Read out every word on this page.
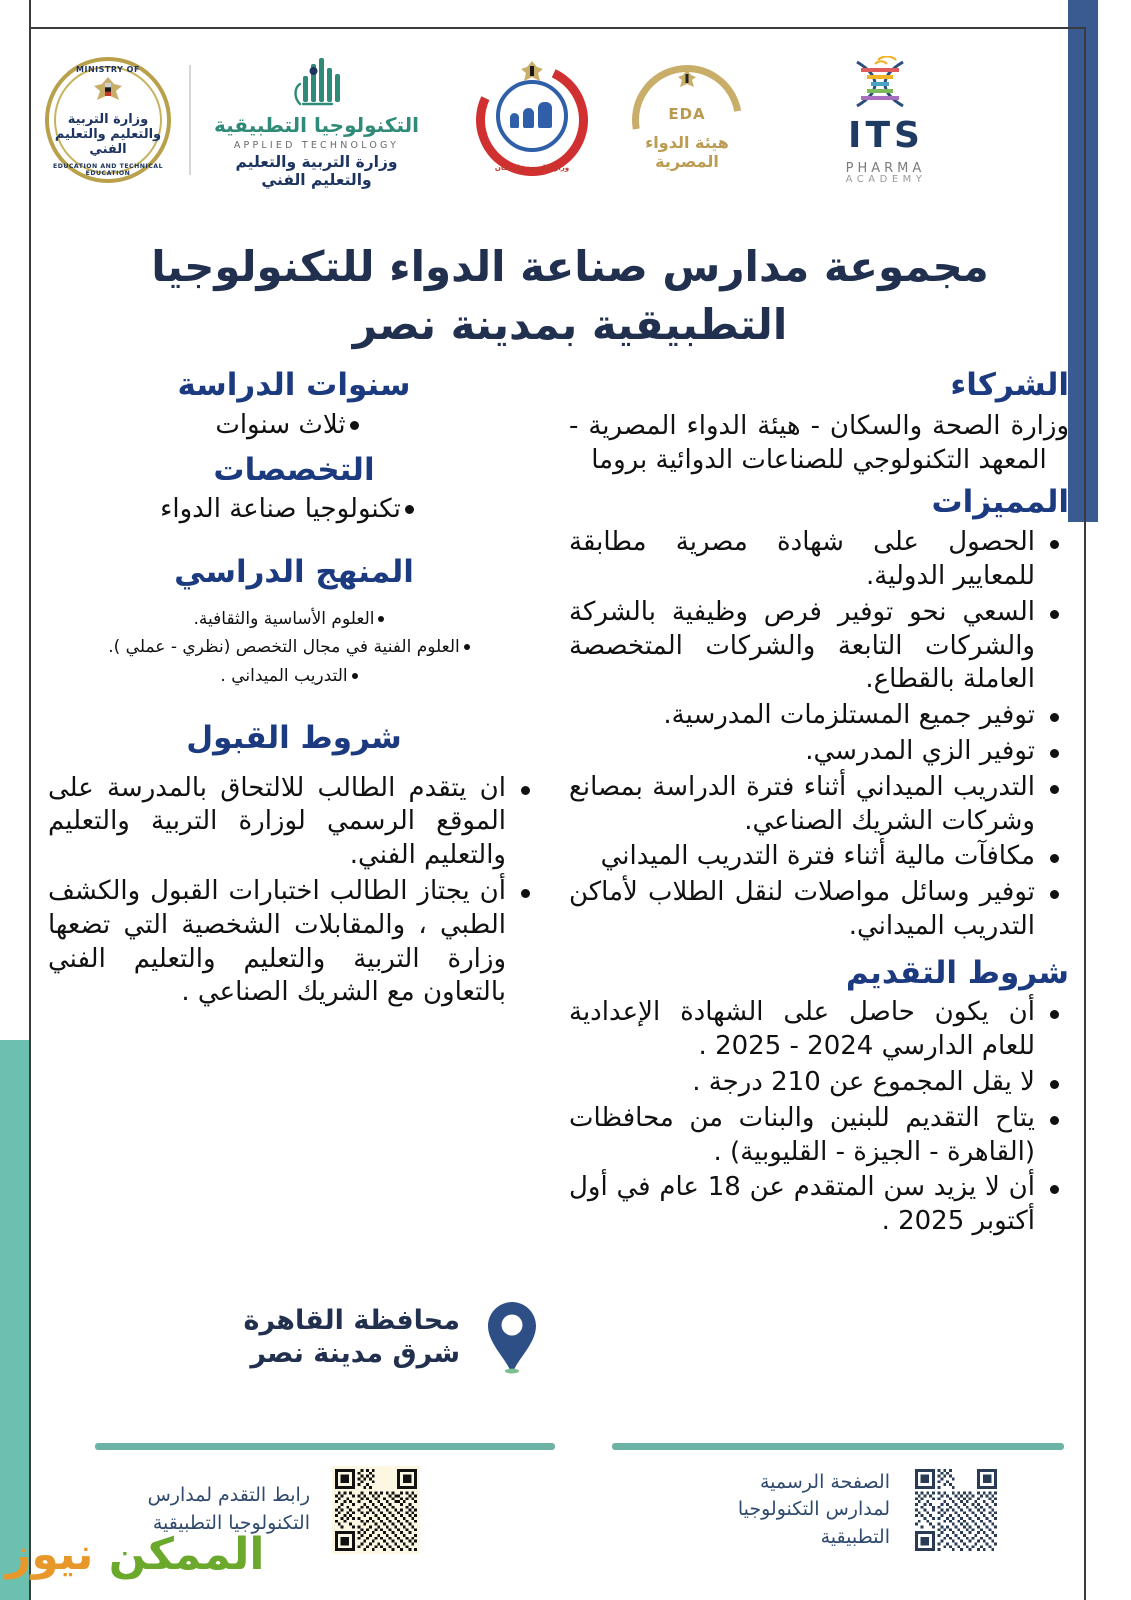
MINISTRY OF
وزارة التربية والتعليم والتعليم الفني
EDUCATION AND TECHNICAL EDUCATION
التكنولوجيا التطبيقية
APPLIED TECHNOLOGY
وزارة التربية والتعليم والتعليم الفني
وزارة الصحة والسكان
EDA
هيئة الدواء المصرية
ITS
PHARMA
ACADEMY
مجموعة مدارس صناعة الدواء للتكنولوجيا التطبيقية بمدينة نصر
الشركاء

وزارة الصحة والسكان - هيئة الدواء المصرية - المعهد التكنولوجي للصناعات الدوائية بروما

المميزات
الحصول على شهادة مصرية مطابقة للمعايير الدولية.
السعي نحو توفير فرص وظيفية بالشركة والشركات التابعة والشركات المتخصصة العاملة بالقطاع.
توفير جميع المستلزمات المدرسية.
توفير الزي المدرسي.
التدريب الميداني أثناء فترة الدراسة بمصانع وشركات الشريك الصناعي.
مكافآت مالية أثناء فترة التدريب الميداني
توفير وسائل مواصلات لنقل الطلاب لأماكن التدريب الميداني.
شروط التقديم
أن يكون حاصل على الشهادة الإعدادية للعام الدارسي 2024 - 2025 .
لا يقل المجموع عن 210 درجة .
يتاح التقديم للبنين والبنات من محافظات (القاهرة - الجيزة - القليوبية) .
أن لا يزيد سن المتقدم عن 18 عام في أول أكتوبر 2025 .
سنوات الدراسة
ثلاث سنوات
التخصصات
تكنولوجيا صناعة الدواء
المنهج الدراسي
العلوم الأساسية والثقافية.
العلوم الفنية في مجال التخصص (نظري - عملي ).
التدريب الميداني .
شروط القبول
ان يتقدم الطالب للالتحاق بالمدرسة على الموقع الرسمي لوزارة التربية والتعليم والتعليم الفني.
أن يجتاز الطالب اختبارات القبول والكشف الطبي ، والمقابلات الشخصية التي تضعها وزارة التربية والتعليم والتعليم الفني بالتعاون مع الشريك الصناعي .
محافظة القاهرة
شرق مدينة نصر
الصفحة الرسمية لمدارس التكنولوجيا التطبيقية
رابط التقدم لمدارس التكنولوجيا التطبيقية
الممكن نيوز
